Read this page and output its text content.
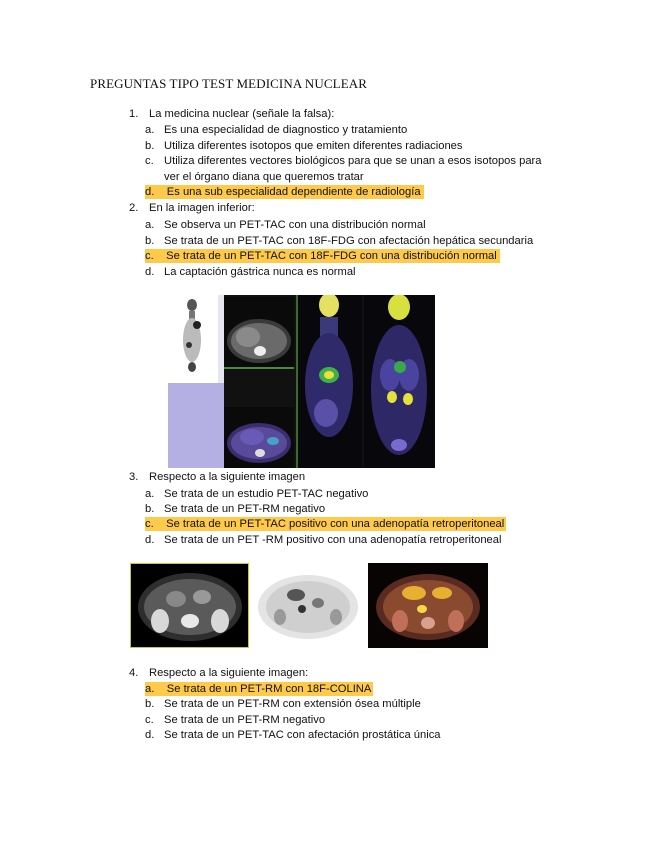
PREGUNTAS TIPO TEST MEDICINA NUCLEAR
1. La medicina nuclear (señale la falsa):
a. Es una especialidad de diagnostico y tratamiento
b. Utiliza diferentes isotopos que emiten diferentes radiaciones
c. Utiliza diferentes vectores biológicos para que se unan a esos isotopos para
ver el órgano diana que queremos tratar
d. Es una sub especialidad dependiente de radiología
2. En la imagen inferior:
a. Se observa un PET-TAC con una distribución normal
b. Se trata de un PET-TAC con 18F-FDG con afectación hepática secundaria
c. Se trata de un PET-TAC con 18F-FDG con una distribución normal
d. La captación gástrica nunca es normal
3. Respecto a la siguiente imagen
a. Se trata de un estudio PET-TAC negativo
b. Se trata de un PET-RM negativo
c. Se trata de un PET-TAC positivo con una adenopatía retroperitoneal
d. Se trata de un PET -RM positivo con una adenopatía retroperitoneal
4. Respecto a la siguiente imagen:
a. Se trata de un PET-RM con 18F-COLINA
b. Se trata de un PET-RM con extensión ósea múltiple
c. Se trata de un PET-RM negativo
d. Se trata de un PET-TAC con afectación prostática única
